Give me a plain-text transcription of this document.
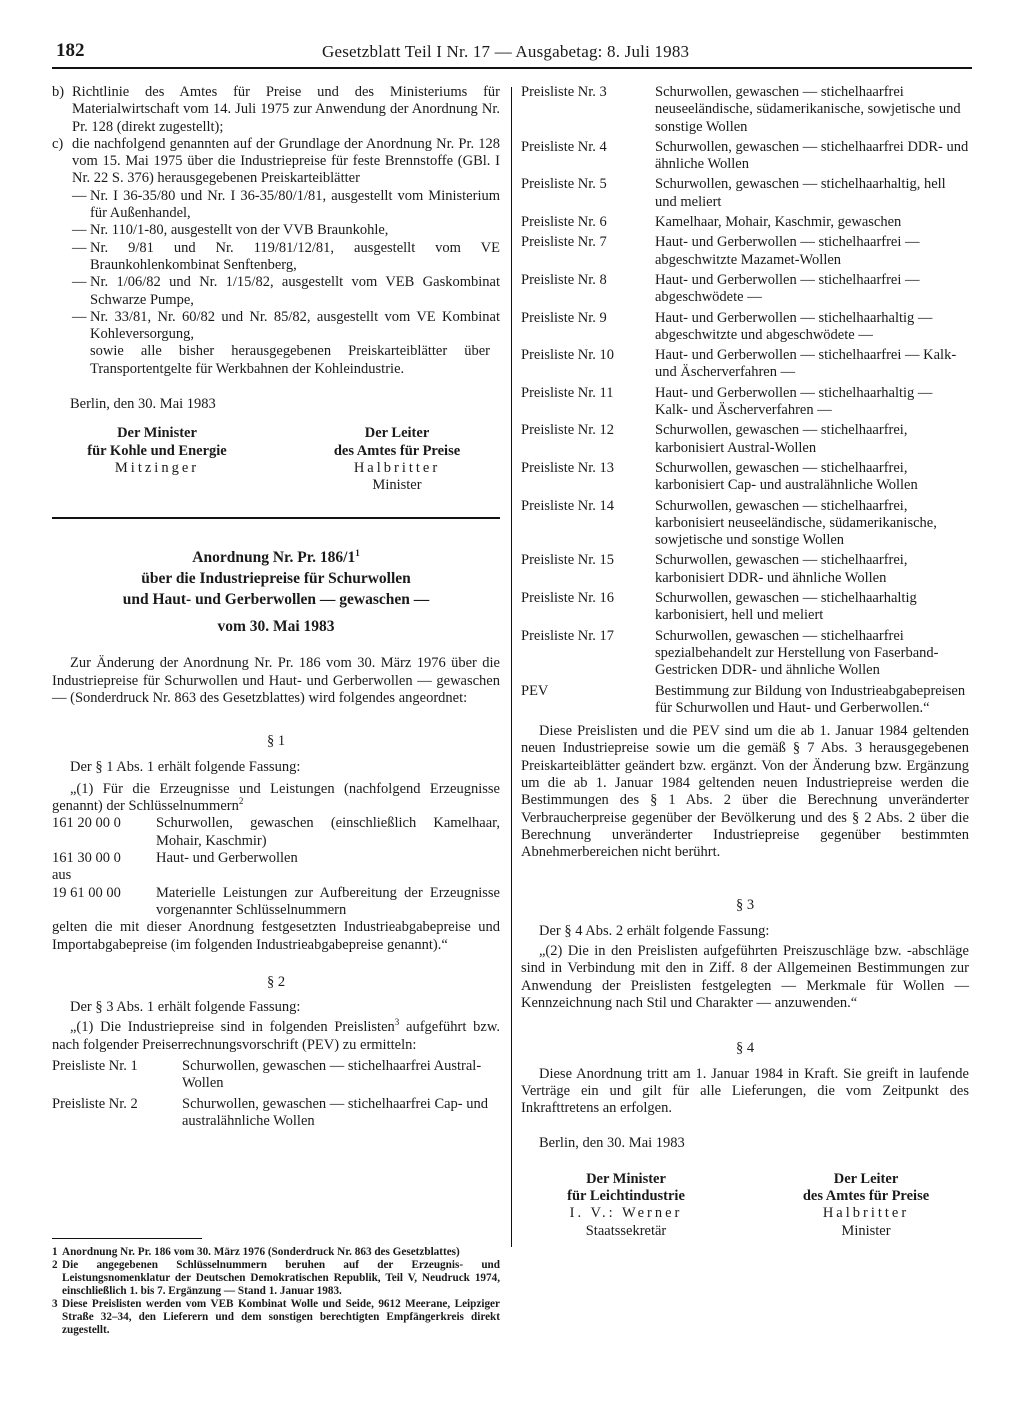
182	Gesetzblatt Teil I Nr. 17 — Ausgabetag: 8. Juli 1983
b) Richtlinie des Amtes für Preise und des Ministeriums für Materialwirtschaft vom 14. Juli 1975 zur Anwendung der Anordnung Nr. Pr. 128 (direkt zugestellt);

c) die nachfolgend genannten auf der Grundlage der Anordnung Nr. Pr. 128 vom 15. Mai 1975 über die Industriepreise für feste Brennstoffe (GBl. I Nr. 22 S. 376) herausgegebenen Preiskarteiblätter

— Nr. I 36-35/80 und Nr. I 36-35/80/1/81, ausgestellt vom Ministerium für Außenhandel,

— Nr. 110/1-80, ausgestellt von der VVB Braunkohle,

— Nr. 9/81 und Nr. 119/81/12/81, ausgestellt vom VE Braunkohlenkombinat Senftenberg,

— Nr. 1/06/82 und Nr. 1/15/82, ausgestellt vom VEB Gaskombinat Schwarze Pumpe,

— Nr. 33/81, Nr. 60/82 und Nr. 85/82, ausgestellt vom VE Kombinat Kohleversorgung,

sowie alle bisher herausgegebenen Preiskarteiblätter über Transportentgelte für Werkbahnen der Kohleindustrie.

Berlin, den 30. Mai 1983

Der Minister

für Kohle und Energie

Mitzinger

Der Leiter

des Amtes für Preise

Halbritter

Minister

Anordnung Nr. Pr. $186/1^1$

über die Industriepreise für Schurwollen

und Haut- und Gerberwollen — gewaschen —

vom 30. Mai 1983

Zur Änderung der Anordnung Nr. Pr. 186 vom 30. März 1976 über die Industriepreise für Schurwollen und Haut- und Gerberwollen — gewaschen — (Sonderdruck Nr. 863 des Gesetzblattes) wird folgendes angeordnet:

§ 1

Der § 1 Abs. 1 erhält folgende Fassung:

„(1) Für die Erzeugnisse und Leistungen (nachfolgend Erzeugnisse genannt) der Schlüsselnummern$^2$

161 20 00 0 Schurwollen, gewaschen (einschließlich Kamelhaar, Mohair, Kaschmir)

161 30 00 0 Haut- und Gerberwollen

aus

19 61 00 00 Materielle Leistungen zur Aufbereitung der Erzeugnisse vorgenannter Schlüsselnummern

gelten die mit dieser Anordnung festgesetzten Industrieabgabepreise und Importabgabepreise (im folgenden Industrieabgabepreise genannt).“

§ 2

Der § 3 Abs. 1 erhält folgende Fassung:

„(1) Die Industriepreise sind in folgenden Preislisten$^3$ aufgeführt bzw. nach folgender Preiserrechnungsvorschrift (PEV) zu ermitteln:

Preisliste Nr. 1	Schurwollen, gewaschen — stichelhaarfrei Austral-Wollen

Preisliste Nr. 2	Schurwollen, gewaschen — stichelhaarfrei Cap- und australähnliche Wollen

1 Anordnung Nr. Pr. 186 vom 30. März 1976 (Sonderdruck Nr. 863 des Gesetzblattes)

2 Die angegebenen Schlüsselnummern beruhen auf der Erzeugnis- und Leistungsnomenklatur der Deutschen Demokratischen Republik, Teil V, Neudruck 1974, einschließlich 1. bis 7. Ergänzung — Stand 1. Januar 1983.

3 Diese Preislisten werden vom VEB Kombinat Wolle und Seide, 9612 Meerane, Leipziger Straße 32–34, den Lieferern und dem sonstigen berechtigten Empfängerkreis direkt zugestellt.

Preisliste Nr. 3	Schurwollen, gewaschen — stichelhaarfrei neuseeländische, südamerikanische, sowjetische und sonstige Wollen

Preisliste Nr. 4	Schurwollen, gewaschen — stichelhaarfrei DDR- und ähnliche Wollen

Preisliste Nr. 5	Schurwollen, gewaschen — stichelhaarhaltig, hell und meliert

Preisliste Nr. 6	Kamelhaar, Mohair, Kaschmir, gewaschen

Preisliste Nr. 7	Haut- und Gerberwollen — stichelhaarfrei — abgeschwitzte Mazamet-Wollen

Preisliste Nr. 8	Haut- und Gerberwollen — stichelhaarfrei — abgeschwödete —

Preisliste Nr. 9	Haut- und Gerberwollen — stichelhaarhaltig — abgeschwitzte und abgeschwödete —

Preisliste Nr. 10	Haut- und Gerberwollen — stichelhaarfrei — Kalk- und Äscherverfahren —

Preisliste Nr. 11	Haut- und Gerberwollen — stichelhaarhaltig — Kalk- und Äscherverfahren —

Preisliste Nr. 12	Schurwollen, gewaschen — stichelhaarfrei, karbonisiert Austral-Wollen

Preisliste Nr. 13	Schurwollen, gewaschen — stichelhaarfrei, karbonisiert Cap- und australähnliche Wollen

Preisliste Nr. 14	Schurwollen, gewaschen — stichelhaarfrei, karbonisiert neuseeländische, südamerikanische, sowjetische und sonstige Wollen

Preisliste Nr. 15	Schurwollen, gewaschen — stichelhaarfrei, karbonisiert DDR- und ähnliche Wollen

Preisliste Nr. 16	Schurwollen, gewaschen — stichelhaarhaltig karbonisiert, hell und meliert

Preisliste Nr. 17	Schurwollen, gewaschen — stichelhaarfrei spezialbehandelt zur Herstellung von Faserband-Gestricken DDR- und ähnliche Wollen

PEV	Bestimmung zur Bildung von Industrieabgabepreisen für Schurwollen und Haut- und Gerberwollen.“

Diese Preislisten und die PEV sind um die ab 1. Januar 1984 geltenden neuen Industriepreise sowie um die gemäß § 7 Abs. 3 herausgegebenen Preiskarteiblätter geändert bzw. ergänzt. Von der Änderung bzw. Ergänzung um die ab 1. Januar 1984 geltenden neuen Industriepreise werden die Bestimmungen des § 1 Abs. 2 über die Berechnung unveränderter Verbraucherpreise gegenüber der Bevölkerung und des § 2 Abs. 2 über die Berechnung unveränderter Industriepreise gegenüber bestimmten Abnehmerbereichen nicht berührt.

§ 3

Der § 4 Abs. 2 erhält folgende Fassung:

„(2) Die in den Preislisten aufgeführten Preiszuschläge bzw. -abschläge sind in Verbindung mit den in Ziff. 8 der Allgemeinen Bestimmungen zur Anwendung der Preislisten festgelegten — Merkmale für Wollen — Kennzeichnung nach Stil und Charakter — anzuwenden.“

§ 4

Diese Anordnung tritt am 1. Januar 1984 in Kraft. Sie greift in laufende Verträge ein und gilt für alle Lieferungen, die vom Zeitpunkt des Inkrafttretens an erfolgen.

Berlin, den 30. Mai 1983

Der Minister

für Leichtindustrie

I. V.: Werner

Staatssekretär

Der Leiter

des Amtes für Preise

Halbritter

Minister
